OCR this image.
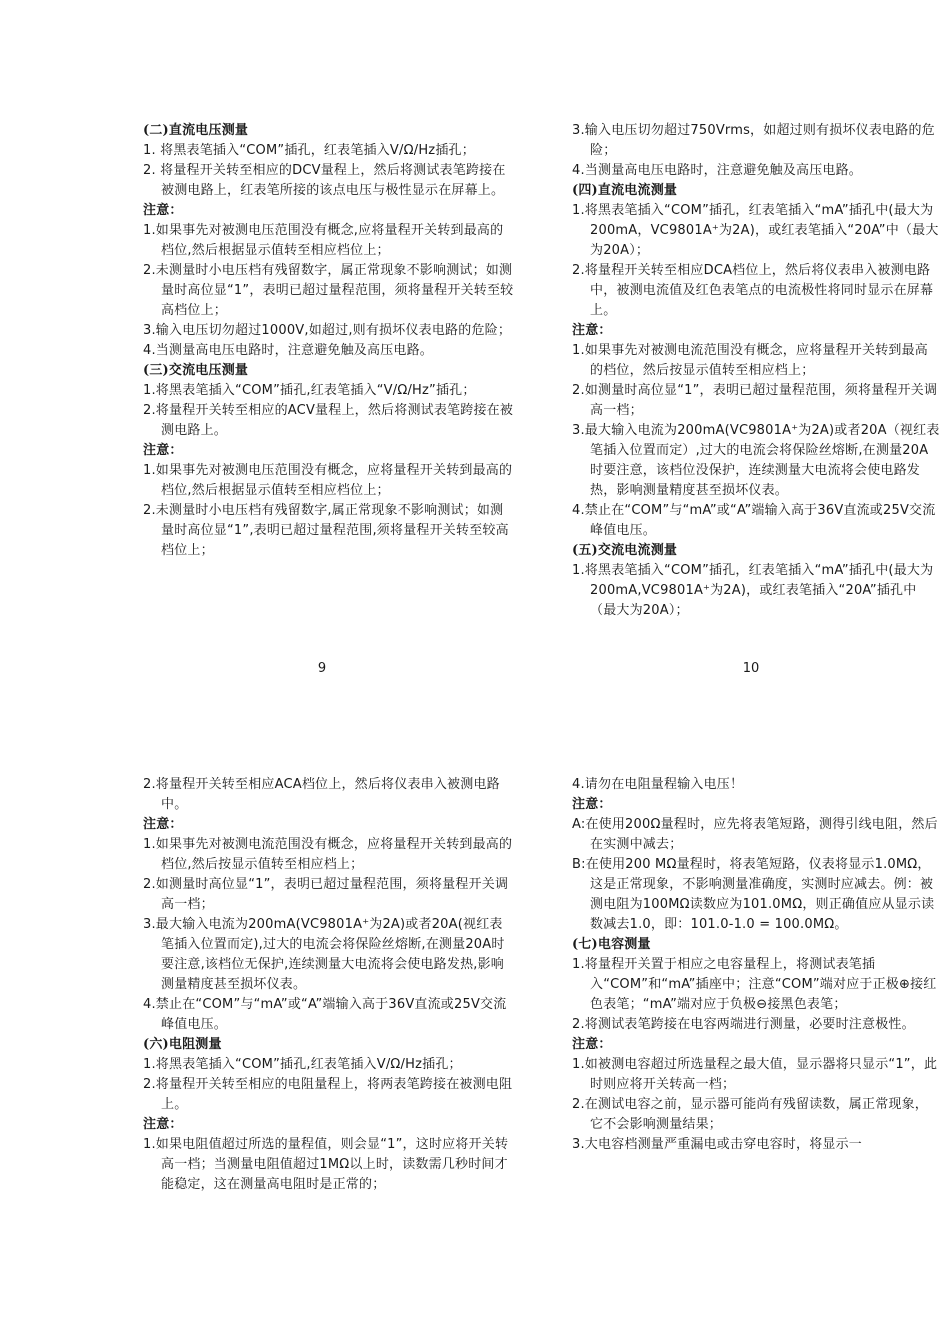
(二)直流电压测量
1. 将黑表笔插入“COM”插孔，红表笔插入V/Ω/Hz插孔；
2. 将量程开关转至相应的DCV量程上，然后将测试表笔跨接在被测电路上，红表笔所接的该点电压与极性显示在屏幕上。
注意：
1.如果事先对被测电压范围没有概念,应将量程开关转到最高的档位,然后根据显示值转至相应档位上；
2.未测量时小电压档有残留数字，属正常现象不影响测试；如测量时高位显“1”，表明已超过量程范围，须将量程开关转至较高档位上；
3.输入电压切勿超过1000V,如超过,则有损坏仪表电路的危险；
4.当测量高电压电路时，注意避免触及高压电路。
(三)交流电压测量
1.将黑表笔插入“COM”插孔,红表笔插入“V/Ω/Hz”插孔；
2.将量程开关转至相应的ACV量程上，然后将测试表笔跨接在被测电路上。
注意：
1.如果事先对被测电压范围没有概念，应将量程开关转到最高的档位,然后根据显示值转至相应档位上；
2.未测量时小电压档有残留数字,属正常现象不影响测试；如测量时高位显“1”,表明已超过量程范围,须将量程开关转至较高档位上；
9
3.输入电压切勿超过750Vrms，如超过则有损坏仪表电路的危险；
4.当测量高电压电路时，注意避免触及高压电路。
(四)直流电流测量
1.将黑表笔插入“COM”插孔，红表笔插入“mA”插孔中(最大为200mA，VC9801A⁺为2A)，或红表笔插入“20A”中（最大为20A）；
2.将量程开关转至相应DCA档位上，然后将仪表串入被测电路中，被测电流值及红色表笔点的电流极性将同时显示在屏幕上。
注意：
1.如果事先对被测电流范围没有概念，应将量程开关转到最高的档位，然后按显示值转至相应档上；
2.如测量时高位显“1”，表明已超过量程范围，须将量程开关调高一档；
3.最大输入电流为200mA(VC9801A⁺为2A)或者20A（视红表笔插入位置而定）,过大的电流会将保险丝熔断,在测量20A时要注意，该档位没保护，连续测量大电流将会使电路发热，影响测量精度甚至损坏仪表。
4.禁止在“COM”与“mA”或“A”端输入高于36V直流或25V交流峰值电压。
(五)交流电流测量
1.将黑表笔插入“COM”插孔，红表笔插入“mA”插孔中(最大为200mA,VC9801A⁺为2A)，或红表笔插入“20A”插孔中（最大为20A）；
10
2.将量程开关转至相应ACA档位上，然后将仪表串入被测电路中。
注意：
1.如果事先对被测电流范围没有概念，应将量程开关转到最高的档位,然后按显示值转至相应档上；
2.如测量时高位显“1”，表明已超过量程范围，须将量程开关调高一档；
3.最大输入电流为200mA(VC9801A⁺为2A)或者20A(视红表笔插入位置而定),过大的电流会将保险丝熔断,在测量20A时要注意,该档位无保护,连续测量大电流将会使电路发热,影响测量精度甚至损坏仪表。
4.禁止在“COM”与“mA”或“A”端输入高于36V直流或25V交流峰值电压。
(六)电阻测量
1.将黑表笔插入“COM”插孔,红表笔插入V/Ω/Hz插孔；
2.将量程开关转至相应的电阻量程上，将两表笔跨接在被测电阻上。
注意：
1.如果电阻值超过所选的量程值，则会显“1”，这时应将开关转高一档；当测量电阻值超过1MΩ以上时，读数需几秒时间才能稳定，这在测量高电阻时是正常的；
4.请勿在电阻量程输入电压！
注意：
A:在使用200Ω量程时，应先将表笔短路，测得引线电阻，然后在实测中减去；
B:在使用200 MΩ量程时，将表笔短路，仪表将显示1.0MΩ，这是正常现象，不影响测量准确度，实测时应减去。例：被测电阻为100MΩ读数应为101.0MΩ，则正确值应从显示读数减去1.0，即：101.0-1.0 = 100.0MΩ。
(七)电容测量
1.将量程开关置于相应之电容量程上，将测试表笔插入“COM”和“mA”插座中；注意“COM”端对应于正极⊕接红色表笔；“mA”端对应于负极⊖接黑色表笔；
2.将测试表笔跨接在电容两端进行测量，必要时注意极性。
注意：
1.如被测电容超过所选量程之最大值，显示器将只显示“1”，此时则应将开关转高一档；
2.在测试电容之前，显示器可能尚有残留读数，属正常现象，它不会影响测量结果；
3.大电容档测量严重漏电或击穿电容时，将显示一
